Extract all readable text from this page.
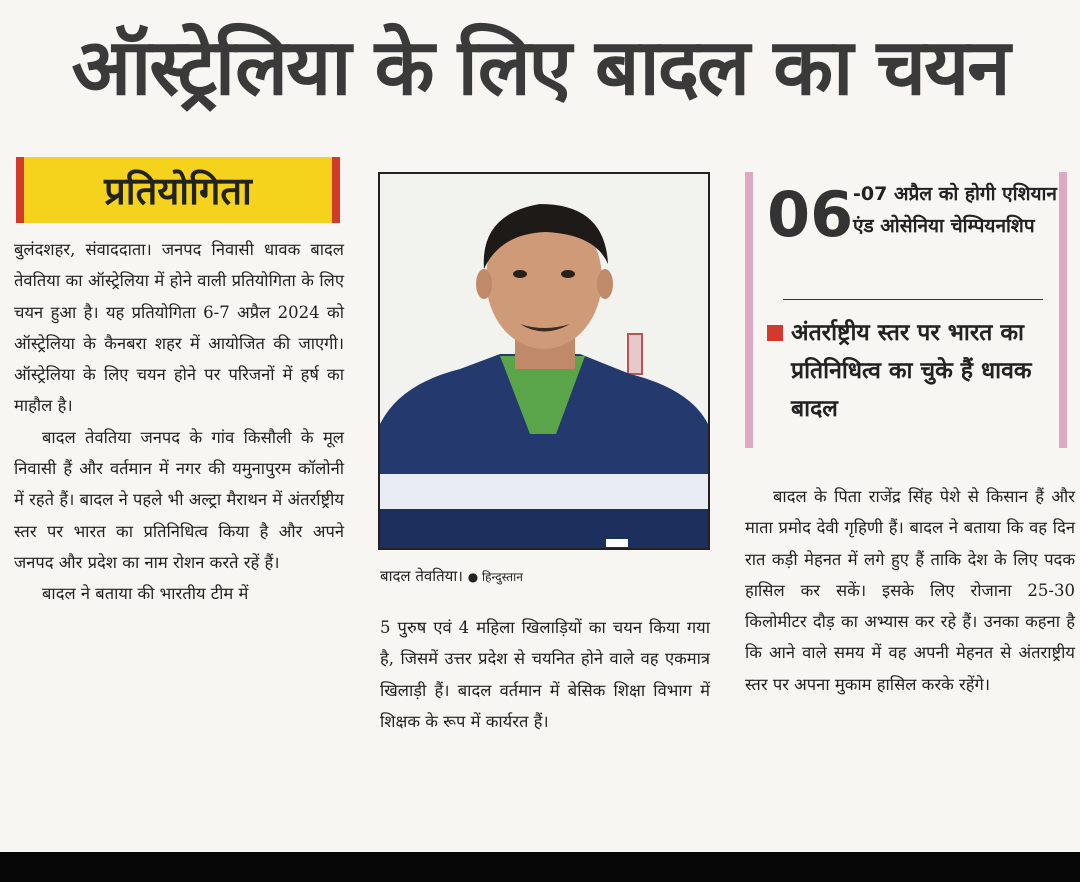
ऑस्ट्रेलिया के लिए बादल का चयन
प्रतियोगिता

बुलंदशहर, संवाददाता। जनपद निवासी धावक बादल तेवतिया का ऑस्ट्रेलिया में होने वाली प्रतियोगिता के लिए चयन हुआ है। यह प्रतियोगिता 6-7 अप्रैल 2024 को ऑस्ट्रेलिया के कैनबरा शहर में आयोजित की जाएगी। ऑस्ट्रेलिया के लिए चयन होने पर परिजनों में हर्ष का माहौल है।

बादल तेवतिया जनपद के गांव किसौली के मूल निवासी हैं और वर्तमान में नगर की यमुनापुरम कॉलोनी में रहते हैं। बादल ने पहले भी अल्ट्रा मैराथन में अंतर्राष्ट्रीय स्तर पर भारत का प्रतिनिधित्व किया है और अपने जनपद और प्रदेश का नाम रोशन करते रहें हैं।

बादल ने बताया की भारतीय टीम में

बादल तेवतिया। ● हिन्दुस्तान

5 पुरुष एवं 4 महिला खिलाड़ियों का चयन किया गया है, जिसमें उत्तर प्रदेश से चयनित होने वाले वह एकमात्र खिलाड़ी हैं। बादल वर्तमान में बेसिक शिक्षा विभाग में शिक्षक के रूप में कार्यरत हैं।

06 -07 अप्रैल को होगी एशियान एंड ओसेनिया चेम्पियनशिप
अंतर्राष्ट्रीय स्तर पर भारत का प्रतिनिधित्व का चुके हैं धावक बादल

बादल के पिता राजेंद्र सिंह पेशे से किसान हैं और माता प्रमोद देवी गृहिणी हैं। बादल ने बताया कि वह दिन रात कड़ी मेहनत में लगे हुए हैं ताकि देश के लिए पदक हासिल कर सकें। इसके लिए रोजाना 25-30 किलोमीटर दौड़ का अभ्यास कर रहे हैं। उनका कहना है कि आने वाले समय में वह अपनी मेहनत से अंतराष्ट्रीय स्तर पर अपना मुकाम हासिल करके रहेंगे।
